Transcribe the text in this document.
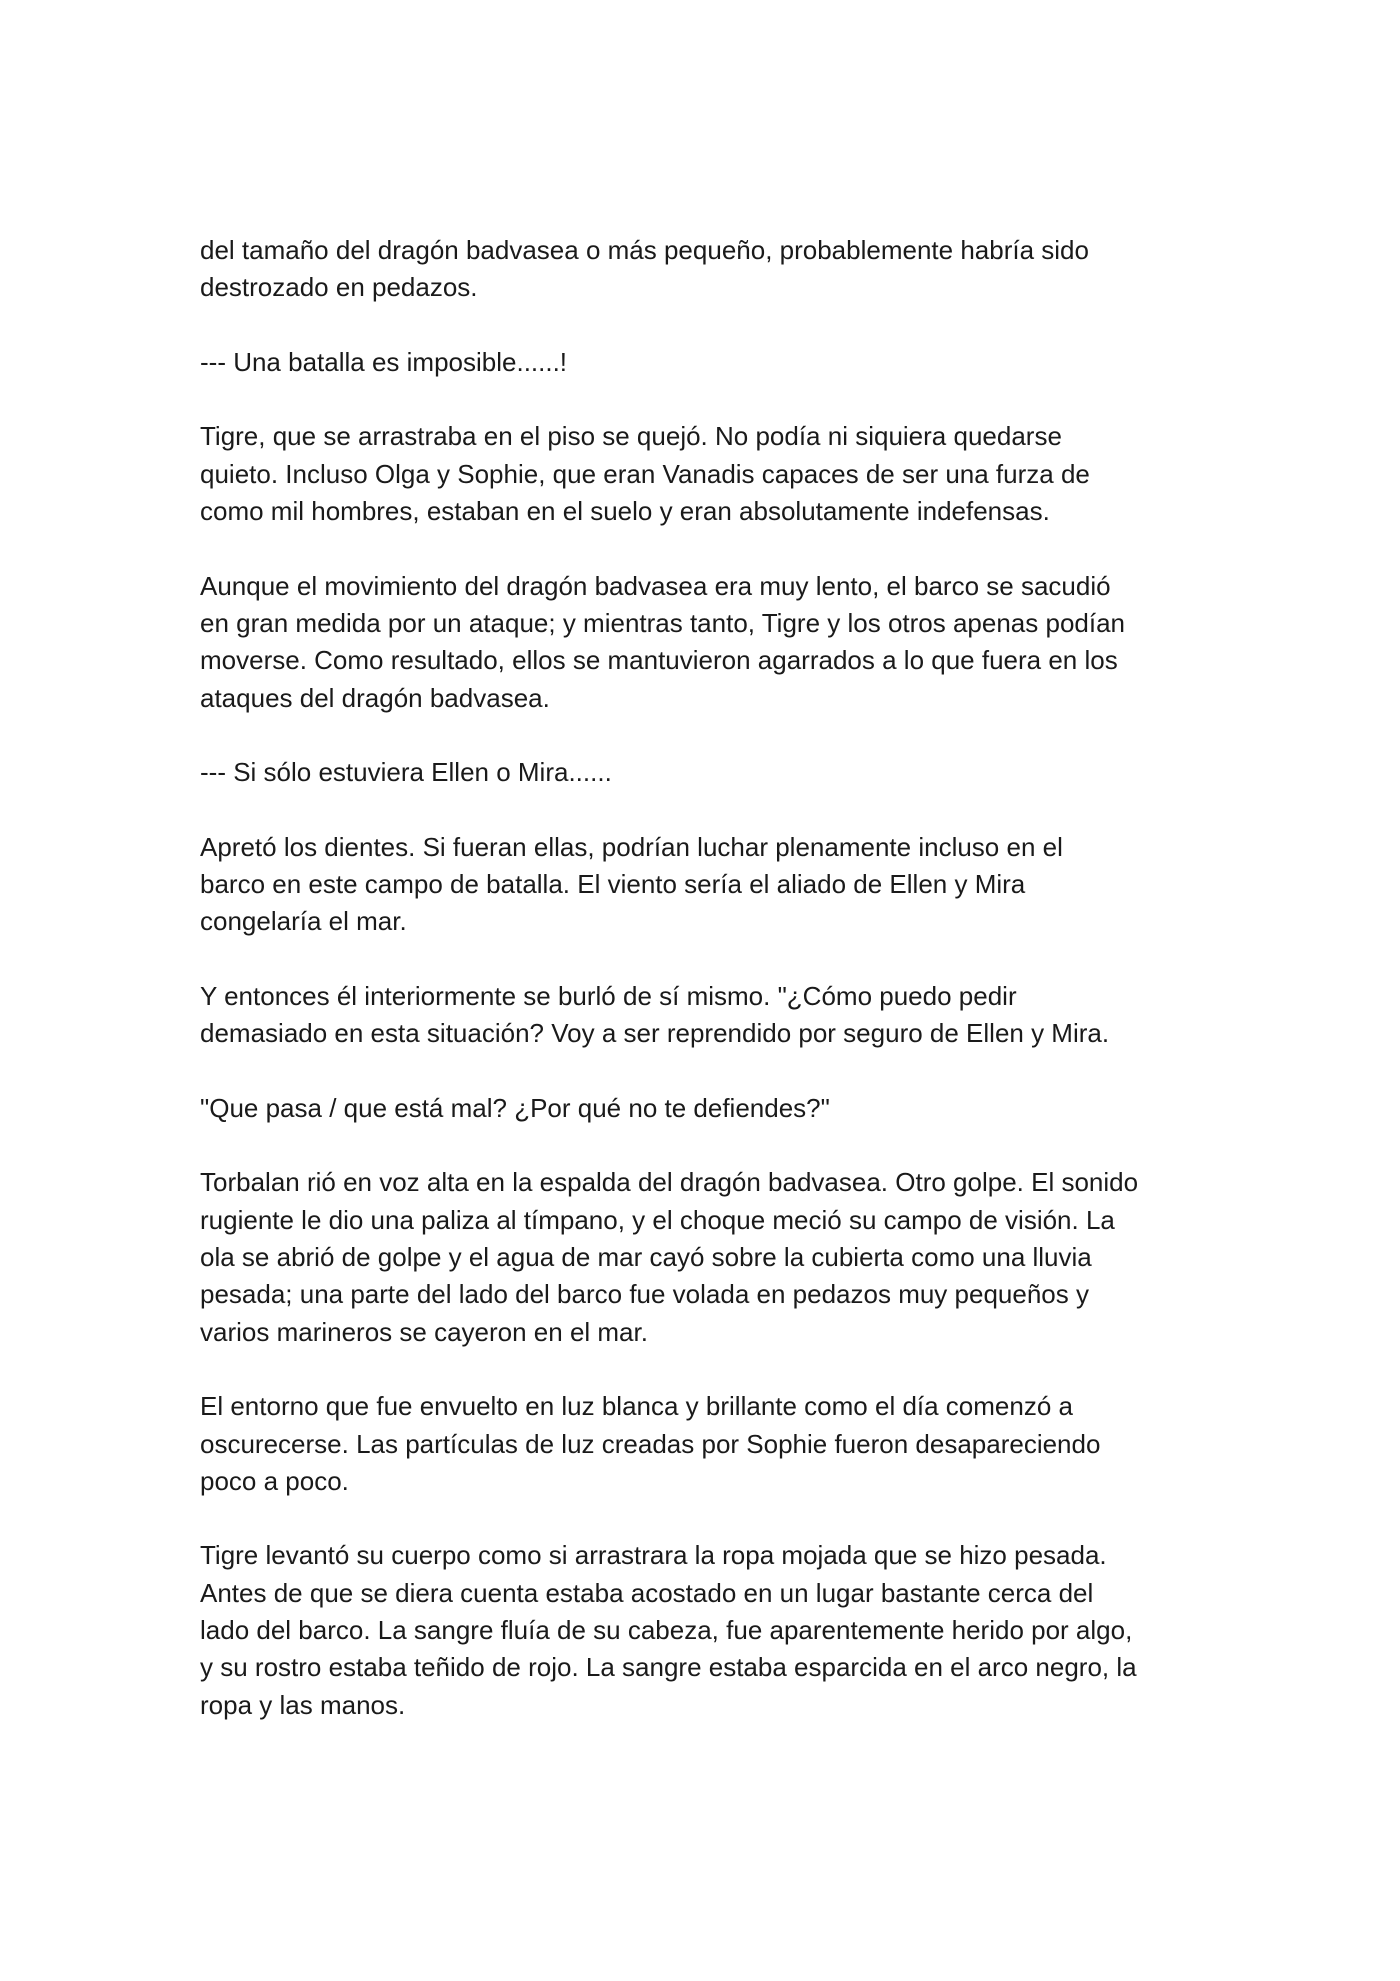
del tamaño del dragón badvasea o más pequeño, probablemente habría sido
destrozado en pedazos.

--- Una batalla es imposible......!

Tigre, que se arrastraba en el piso se quejó. No podía ni siquiera quedarse
quieto. Incluso Olga y Sophie, que eran Vanadis capaces de ser una furza de
como mil hombres, estaban en el suelo y eran absolutamente indefensas.

Aunque el movimiento del dragón badvasea era muy lento, el barco se sacudió
en gran medida por un ataque; y mientras tanto, Tigre y los otros apenas podían
moverse. Como resultado, ellos se mantuvieron agarrados a lo que fuera en los
ataques del dragón badvasea.

--- Si sólo estuviera Ellen o Mira......

Apretó los dientes. Si fueran ellas, podrían luchar plenamente incluso en el
barco en este campo de batalla. El viento sería el aliado de Ellen y Mira
congelaría el mar.

Y entonces él interiormente se burló de sí mismo. "¿Cómo puedo pedir
demasiado en esta situación? Voy a ser reprendido por seguro de Ellen y Mira.

"Que pasa / que está mal? ¿Por qué no te defiendes?"

Torbalan rió en voz alta en la espalda del dragón badvasea. Otro golpe. El sonido
rugiente le dio una paliza al tímpano, y el choque meció su campo de visión. La
ola se abrió de golpe y el agua de mar cayó sobre la cubierta como una lluvia
pesada; una parte del lado del barco fue volada en pedazos muy pequeños y
varios marineros se cayeron en el mar.

El entorno que fue envuelto en luz blanca y brillante como el día comenzó a
oscurecerse. Las partículas de luz creadas por Sophie fueron desapareciendo
poco a poco.

Tigre levantó su cuerpo como si arrastrara la ropa mojada que se hizo pesada.
Antes de que se diera cuenta estaba acostado en un lugar bastante cerca del
lado del barco. La sangre fluía de su cabeza, fue aparentemente herido por algo,
y su rostro estaba teñido de rojo. La sangre estaba esparcida en el arco negro, la
ropa y las manos.
